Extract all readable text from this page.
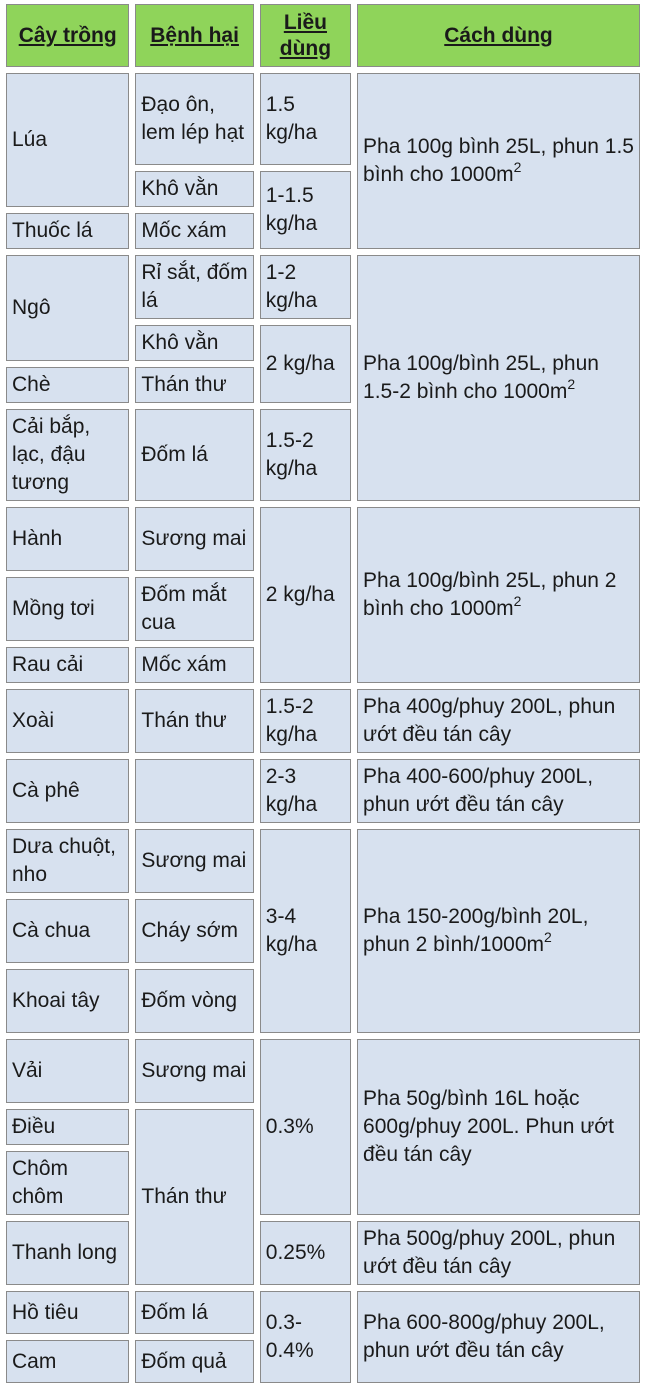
Cây trồng	Bệnh hại	Liều dùng	Cách dùng
Lúa	Đạo ôn, lem lép hạt	1.5 kg/ha	Pha 100g bình 25L, phun 1.5 bình cho $1000m^2$
	Khô vằn	1-1.5 kg/ha	
Thuốc lá	Mốc xám		
Ngô	Rỉ sắt, đốm lá	1-2 kg/ha	Pha 100g/bình 25L, phun 1.5-2 bình cho $1000m^2$
	Khô vằn	2 kg/ha	
Chè	Thán thư		
Cải bắp, lạc, đậu tương	Đốm lá	1.5-2 kg/ha	
Hành	Sương mai	2 kg/ha	Pha 100g/bình 25L, phun 2 bình cho $1000m^2$
Mồng tơi	Đốm mắt cua		
Rau cải	Mốc xám		
Xoài	Thán thư	1.5-2 kg/ha	Pha 400g/phuy 200L, phun ướt đều tán cây
Cà phê		2-3 kg/ha	Pha 400-600/phuy 200L, phun ướt đều tán cây
Dưa chuột, nho	Sương mai	3-4 kg/ha	Pha 150-200g/bình 20L, phun 2 bình/$1000m^2$
Cà chua	Cháy sớm		
Khoai tây	Đốm vòng		
Vải	Sương mai	0.3%	Pha 50g/bình 16L hoặc 600g/phuy 200L. Phun ướt đều tán cây
Điều	Thán thư		
Chôm chôm			
Thanh long		0.25%	Pha 500g/phuy 200L, phun ướt đều tán cây
Hồ tiêu	Đốm lá	0.3-0.4%	Pha 600-800g/phuy 200L, phun ướt đều tán cây
Cam	Đốm quả		
